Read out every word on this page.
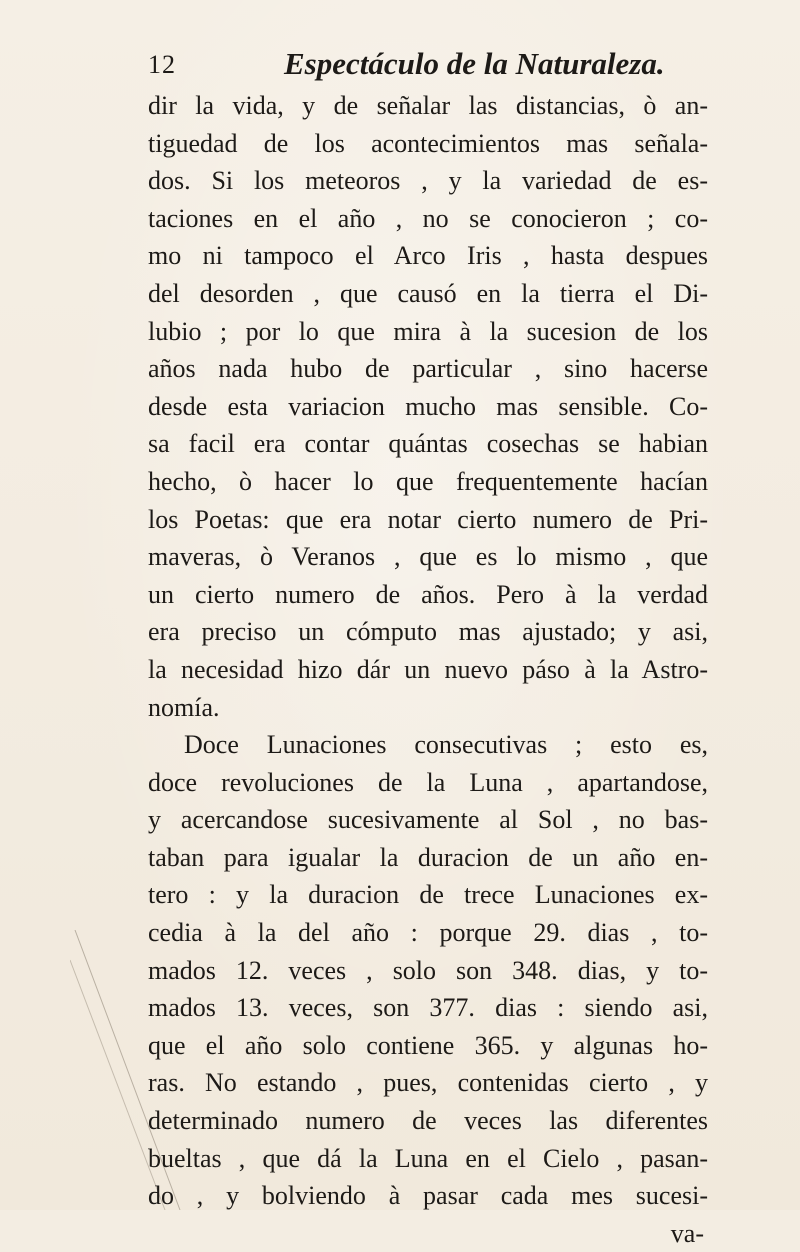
12	Espectáculo de la Naturaleza.
dir la vida, y de señalar las distancias, ò an-
tiguedad de los acontecimientos mas señala-
dos. Si los meteoros , y la variedad de es-
taciones en el año , no se conocieron ; co-
mo ni tampoco el Arco Iris , hasta despues
del desorden , que causó en la tierra el Di-
lubio ; por lo que mira à la sucesion de los
años nada hubo de particular , sino hacerse
desde esta variacion mucho mas sensible. Co-
sa facil era contar quántas cosechas se habian
hecho, ò hacer lo que frequentemente hacían
los Poetas: que era notar cierto numero de Pri-
maveras, ò Veranos , que es lo mismo , que
un cierto numero de años. Pero à la verdad
era preciso un cómputo mas ajustado; y asi,
la necesidad hizo dár un nuevo páso à la Astro-
nomía.
Doce Lunaciones consecutivas ; esto es,
doce revoluciones de la Luna , apartandose,
y acercandose sucesivamente al Sol , no bas-
taban para igualar la duracion de un año en-
tero : y la duracion de trece Lunaciones ex-
cedia à la del año : porque 29. dias , to-
mados 12. veces , solo son 348. dias, y to-
mados 13. veces, son 377. dias : siendo asi,
que el año solo contiene 365. y algunas ho-
ras. No estando , pues, contenidas cierto , y
determinado numero de veces las diferentes
bueltas , que dá la Luna en el Cielo , pasan-
do , y bolviendo à pasar cada mes sucesi-
va-
